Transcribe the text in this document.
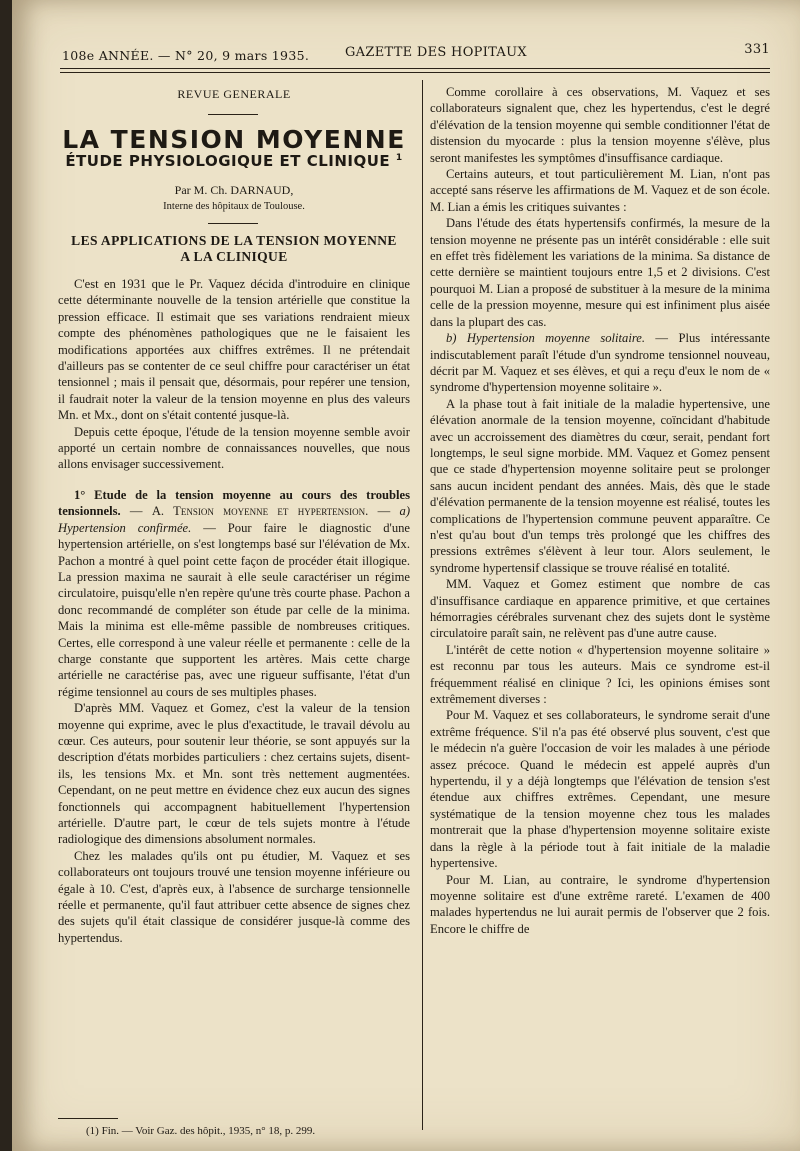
108e ANNÉE. — N° 20, 9 mars 1935.	GAZETTE DES HOPITAUX	331
REVUE GENERALE
LA TENSION MOYENNE
ÉTUDE PHYSIOLOGIQUE ET CLINIQUE $^1$
Par M. Ch. DARNAUD,
Interne des hôpitaux de Toulouse.
LES APPLICATIONS DE LA TENSION MOYENNE
A LA CLINIQUE

C'est en 1931 que le Pr. Vaquez décida d'introduire en clinique cette déterminante nouvelle de la tension artérielle que constitue la pression efficace. Il estimait que ses variations rendraient mieux compte des phénomènes pathologiques que ne le faisaient les modifications apportées aux chiffres extrêmes. Il ne prétendait d'ailleurs pas se contenter de ce seul chiffre pour caractériser un état tensionnel ; mais il pensait que, désormais, pour repérer une tension, il faudrait noter la valeur de la tension moyenne en plus des valeurs Mn. et Mx., dont on s'était contenté jusque-là.

Depuis cette époque, l'étude de la tension moyenne semble avoir apporté un certain nombre de connaissances nouvelles, que nous allons envisager successivement.

1° Etude de la tension moyenne au cours des troubles tensionnels. — A. Tension moyenne et hypertension. — a) Hypertension confirmée. — Pour faire le diagnostic d'une hypertension artérielle, on s'est longtemps basé sur l'élévation de Mx. Pachon a montré à quel point cette façon de procéder était illogique. La pression maxima ne saurait à elle seule caractériser un régime circulatoire, puisqu'elle n'en repère qu'une très courte phase. Pachon a donc recommandé de compléter son étude par celle de la minima. Mais la minima est elle-même passible de nombreuses critiques. Certes, elle correspond à une valeur réelle et permanente : celle de la charge constante que supportent les artères. Mais cette charge artérielle ne caractérise pas, avec une rigueur suffisante, l'état d'un régime tensionnel au cours de ses multiples phases.

D'après MM. Vaquez et Gomez, c'est la valeur de la tension moyenne qui exprime, avec le plus d'exactitude, le travail dévolu au cœur. Ces auteurs, pour soutenir leur théorie, se sont appuyés sur la description d'états morbides particuliers : chez certains sujets, disent-ils, les tensions Mx. et Mn. sont très nettement augmentées. Cependant, on ne peut mettre en évidence chez eux aucun des signes fonctionnels qui accompagnent habituellement l'hypertension artérielle. D'autre part, le cœur de tels sujets montre à l'étude radiologique des dimensions absolument normales.

Chez les malades qu'ils ont pu étudier, M. Vaquez et ses collaborateurs ont toujours trouvé une tension moyenne inférieure ou égale à 10. C'est, d'après eux, à l'absence de surcharge tensionnelle réelle et permanente, qu'il faut attribuer cette absence de signes chez des sujets qu'il était classique de considérer jusque-là comme des hypertendus.

(1) Fin. — Voir Gaz. des hôpit., 1935, n° 18, p. 299.

Comme corollaire à ces observations, M. Vaquez et ses collaborateurs signalent que, chez les hypertendus, c'est le degré d'élévation de la tension moyenne qui semble conditionner l'état de distension du myocarde : plus la tension moyenne s'élève, plus seront manifestes les symptômes d'insuffisance cardiaque.

Certains auteurs, et tout particulièrement M. Lian, n'ont pas accepté sans réserve les affirmations de M. Vaquez et de son école. M. Lian a émis les critiques suivantes :

Dans l'étude des états hypertensifs confirmés, la mesure de la tension moyenne ne présente pas un intérêt considérable : elle suit en effet très fidèlement les variations de la minima. Sa distance de cette dernière se maintient toujours entre 1,5 et 2 divisions. C'est pourquoi M. Lian a proposé de substituer à la mesure de la minima celle de la pression moyenne, mesure qui est infiniment plus aisée dans la plupart des cas.

b) Hypertension moyenne solitaire. — Plus intéressante indiscutablement paraît l'étude d'un syndrome tensionnel nouveau, décrit par M. Vaquez et ses élèves, et qui a reçu d'eux le nom de « syndrome d'hypertension moyenne solitaire ».

A la phase tout à fait initiale de la maladie hypertensive, une élévation anormale de la tension moyenne, coïncidant d'habitude avec un accroissement des diamètres du cœur, serait, pendant fort longtemps, le seul signe morbide. MM. Vaquez et Gomez pensent que ce stade d'hypertension moyenne solitaire peut se prolonger sans aucun incident pendant des années. Mais, dès que le stade d'élévation permanente de la tension moyenne est réalisé, toutes les complications de l'hypertension commune peuvent apparaître. Ce n'est qu'au bout d'un temps très prolongé que les chiffres des pressions extrêmes s'élèvent à leur tour. Alors seulement, le syndrome hypertensif classique se trouve réalisé en totalité.

MM. Vaquez et Gomez estiment que nombre de cas d'insuffisance cardiaque en apparence primitive, et que certaines hémorragies cérébrales survenant chez des sujets dont le système circulatoire paraît sain, ne relèvent pas d'une autre cause.

L'intérêt de cette notion « d'hypertension moyenne solitaire » est reconnu par tous les auteurs. Mais ce syndrome est-il fréquemment réalisé en clinique ? Ici, les opinions émises sont extrêmement diverses :

Pour M. Vaquez et ses collaborateurs, le syndrome serait d'une extrême fréquence. S'il n'a pas été observé plus souvent, c'est que le médecin n'a guère l'occasion de voir les malades à une période assez précoce. Quand le médecin est appelé auprès d'un hypertendu, il y a déjà longtemps que l'élévation de tension s'est étendue aux chiffres extrêmes. Cependant, une mesure systématique de la tension moyenne chez tous les malades montrerait que la phase d'hypertension moyenne solitaire existe dans la règle à la période tout à fait initiale de la maladie hypertensive.

Pour M. Lian, au contraire, le syndrome d'hypertension moyenne solitaire est d'une extrême rareté. L'examen de 400 malades hypertendus ne lui aurait permis de l'observer que 2 fois. Encore le chiffre de
